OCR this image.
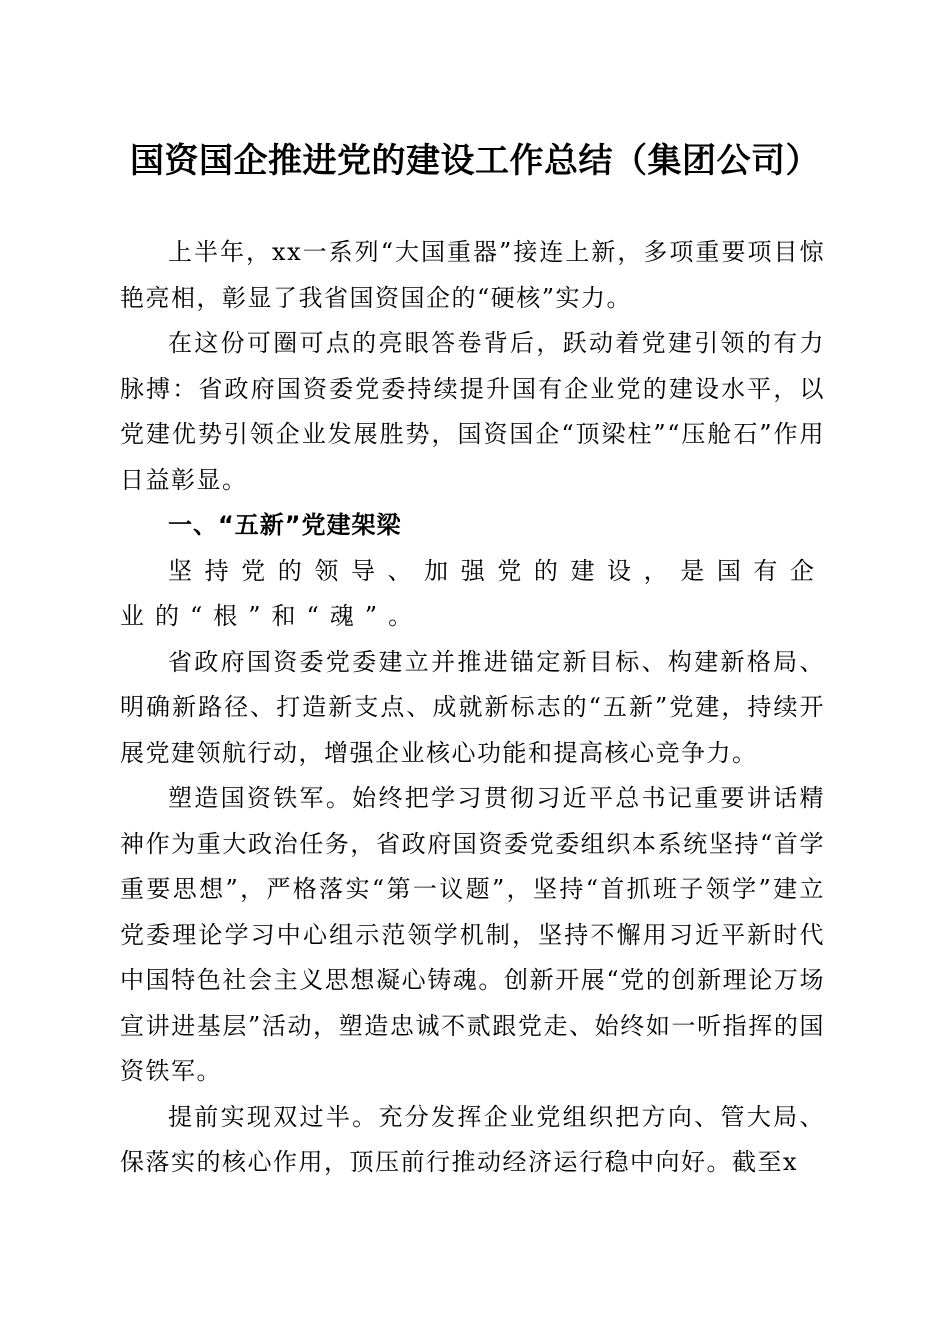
国资国企推进党的建设工作总结（集团公司）

上半年，xx一系列“大国重器”接连上新，多项重要项目惊艳亮相，彰显了我省国资国企的“硬核”实力。

在这份可圈可点的亮眼答卷背后，跃动着党建引领的有力脉搏：省政府国资委党委持续提升国有企业党的建设水平，以党建优势引领企业发展胜势，国资国企“顶梁柱”“压舱石”作用日益彰显。

一、“五新”党建架梁

坚持党的领导、加强党的建设，是国有企业的“根”和“魂”。

省政府国资委党委建立并推进锚定新目标、构建新格局、明确新路径、打造新支点、成就新标志的“五新”党建，持续开展党建领航行动，增强企业核心功能和提高核心竞争力。

塑造国资铁军。始终把学习贯彻习近平总书记重要讲话精神作为重大政治任务，省政府国资委党委组织本系统坚持“首学重要思想”，严格落实“第一议题”，坚持“首抓班子领学”建立党委理论学习中心组示范领学机制，坚持不懈用习近平新时代中国特色社会主义思想凝心铸魂。创新开展“党的创新理论万场宣讲进基层”活动，塑造忠诚不贰跟党走、始终如一听指挥的国资铁军。

提前实现双过半。充分发挥企业党组织把方向、管大局、保落实的核心作用，顶压前行推动经济运行稳中向好。截至x
